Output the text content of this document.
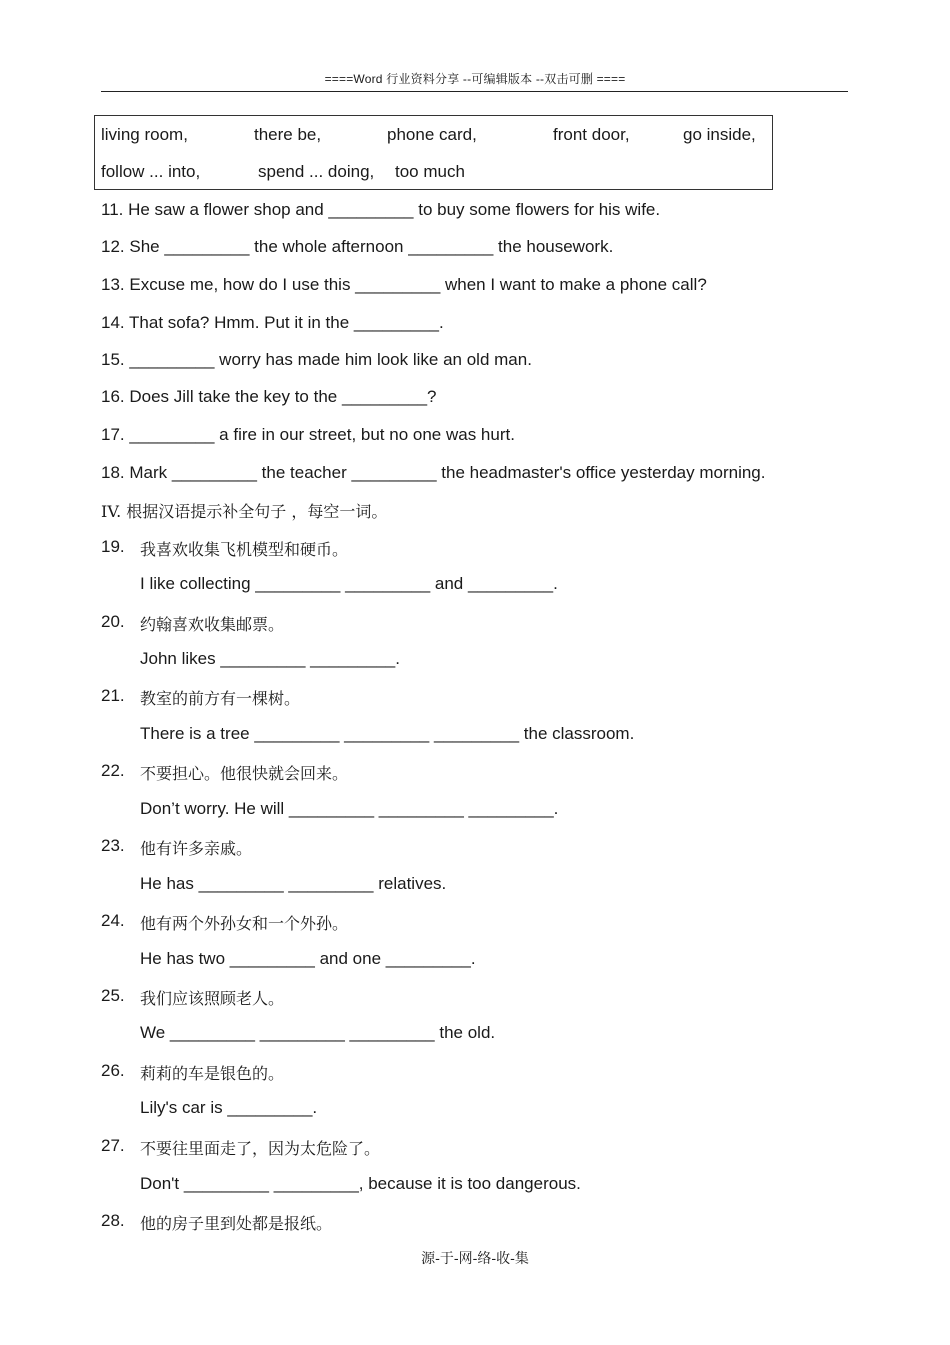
====Word 行业资料分享 --可编辑版本 --双击可删 ====
living room,	there be,	phone card,	front door,	go inside,
follow ... into,	spend ... doing, too much
11. He saw a flower shop and _________ to buy some flowers for his wife.
12. She _________ the whole afternoon _________ the housework.
13. Excuse me, how do I use this _________ when I want to make a phone call?
14. That sofa? Hmm. Put it in the _________.
15. _________ worry has made him look like an old man.
16. Does Jill take the key to the _________?
17. _________ a fire in our street, but no one was hurt.
18. Mark _________ the teacher _________ the headmaster's office yesterday morning.
IV. 根据汉语提示补全句子 ，每空一词。
19. 我喜欢收集飞机模型和硬币。
I like collecting _________ _________ and _________.
20. 约翰喜欢收集邮票。
John likes _________ _________.
21. 教室的前方有一棵树。
There is a tree _________ _________ _________ the classroom.
22. 不要担心。他很快就会回来。
Don’t worry. He will _________ _________ _________.
23. 他有许多亲戚。
He has _________ _________ relatives.
24. 他有两个外孙女和一个外孙。
He has two _________ and one _________.
25. 我们应该照顾老人。
We _________ _________ _________ the old.
26. 莉莉的车是银色的。
Lily's car is _________.
27. 不要往里面走了，因为太危险了。
Don't _________ _________, because it is too dangerous.
28. 他的房子里到处都是报纸。
源-于-网-络-收-集
